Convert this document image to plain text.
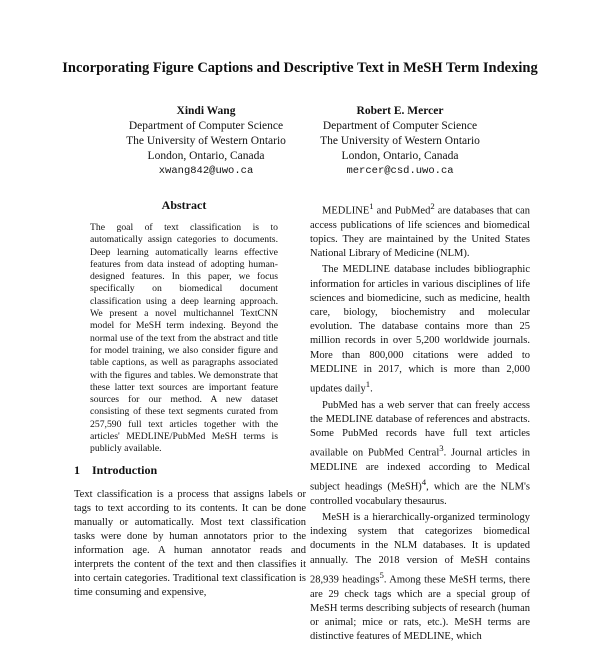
Incorporating Figure Captions and Descriptive Text in MeSH Term Indexing
Xindi Wang
Department of Computer Science
The University of Western Ontario
London, Ontario, Canada
xwang842@uwo.ca
Robert E. Mercer
Department of Computer Science
The University of Western Ontario
London, Ontario, Canada
mercer@csd.uwo.ca
Abstract
The goal of text classification is to automatically assign categories to documents. Deep learning automatically learns effective features from data instead of adopting human-designed features. In this paper, we focus specifically on biomedical document classification using a deep learning approach. We present a novel multichannel TextCNN model for MeSH term indexing. Beyond the normal use of the text from the abstract and title for model training, we also consider figure and table captions, as well as paragraphs associated with the figures and tables. We demonstrate that these latter text sources are important feature sources for our method. A new dataset consisting of these text segments curated from 257,590 full text articles together with the articles' MEDLINE/PubMed MeSH terms is publicly available.
1 Introduction
Text classification is a process that assigns labels or tags to text according to its contents. It can be done manually or automatically. Most text classification tasks were done by human annotators prior to the information age. A human annotator reads and interprets the content of the text and then classifies it into certain categories. Traditional text classification is time consuming and expensive,

MEDLINE$^1$ and PubMed$^2$ are databases that can access publications of life sciences and biomedical topics. They are maintained by the United States National Library of Medicine (NLM).

The MEDLINE database includes bibliographic information for articles in various disciplines of life sciences and biomedicine, such as medicine, health care, biology, biochemistry and molecular evolution. The database contains more than 25 million records in over 5,200 worldwide journals. More than 800,000 citations were added to MEDLINE in 2017, which is more than 2,000 updates daily$^1$.

PubMed has a web server that can freely access the MEDLINE database of references and abstracts. Some PubMed records have full text articles available on PubMed Central$^3$. Journal articles in MEDLINE are indexed according to Medical subject headings (MeSH)$^4$, which are the NLM's controlled vocabulary thesaurus.

MeSH is a hierarchically-organized terminology indexing system that categorizes biomedical documents in the NLM databases. It is updated annually. The 2018 version of MeSH contains 28,939 headings$^5$. Among these MeSH terms, there are 29 check tags which are a special group of MeSH terms describing subjects of research (human or animal; mice or rats, etc.). MeSH terms are distinctive features of MEDLINE, which
